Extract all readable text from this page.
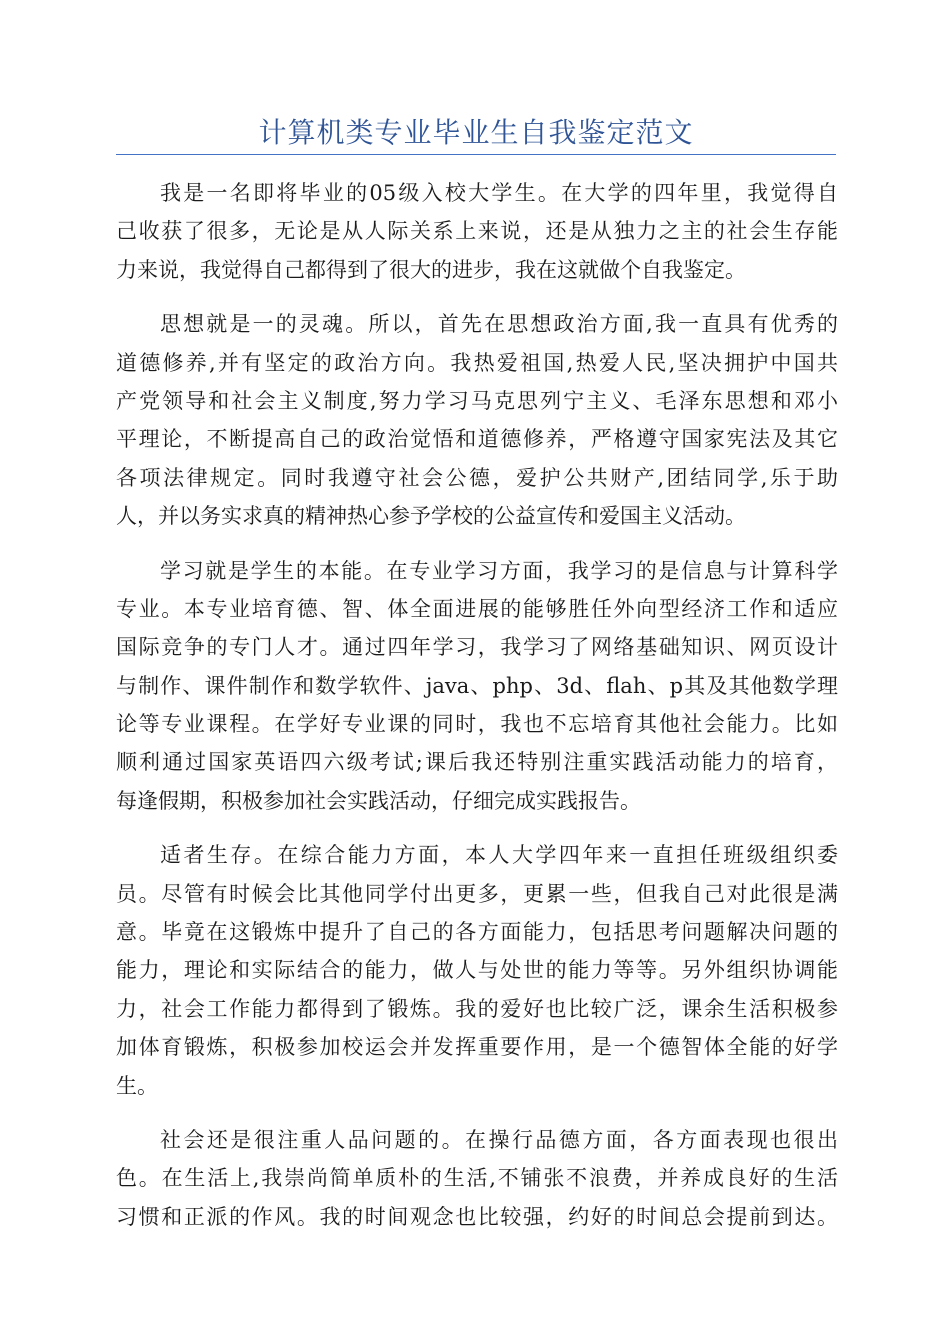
计算机类专业毕业生自我鉴定范文
我是一名即将毕业的05级入校大学生。在大学的四年里，我觉得自
己收获了很多，无论是从人际关系上来说，还是从独力之主的社会生存能
力来说，我觉得自己都得到了很大的进步，我在这就做个自我鉴定。
思想就是一的灵魂。所以，首先在思想政治方面,我一直具有优秀的
道德修养,并有坚定的政治方向。我热爱祖国,热爱人民,坚决拥护中国共
产党领导和社会主义制度,努力学习马克思列宁主义、毛泽东思想和邓小
平理论，不断提高自己的政治觉悟和道德修养，严格遵守国家宪法及其它
各项法律规定。同时我遵守社会公德，爱护公共财产,团结同学,乐于助
人，并以务实求真的精神热心参予学校的公益宣传和爱国主义活动。
学习就是学生的本能。在专业学习方面，我学习的是信息与计算科学
专业。本专业培育德、智、体全面进展的能够胜任外向型经济工作和适应
国际竞争的专门人才。通过四年学习，我学习了网络基础知识、网页设计
与制作、课件制作和数学软件、java、php、3d、flah、p其及其他数学理
论等专业课程。在学好专业课的同时，我也不忘培育其他社会能力。比如
顺利通过国家英语四六级考试;课后我还特别注重实践活动能力的培育，
每逢假期，积极参加社会实践活动，仔细完成实践报告。
适者生存。在综合能力方面，本人大学四年来一直担任班级组织委
员。尽管有时候会比其他同学付出更多，更累一些，但我自己对此很是满
意。毕竟在这锻炼中提升了自己的各方面能力，包括思考问题解决问题的
能力，理论和实际结合的能力，做人与处世的能力等等。另外组织协调能
力，社会工作能力都得到了锻炼。我的爱好也比较广泛，课余生活积极参
加体育锻炼，积极参加校运会并发挥重要作用，是一个德智体全能的好学
生。
社会还是很注重人品问题的。在操行品德方面，各方面表现也很出
色。在生活上,我崇尚简单质朴的生活,不铺张不浪费，并养成良好的生活
习惯和正派的作风。我的时间观念也比较强，约好的时间总会提前到达。
